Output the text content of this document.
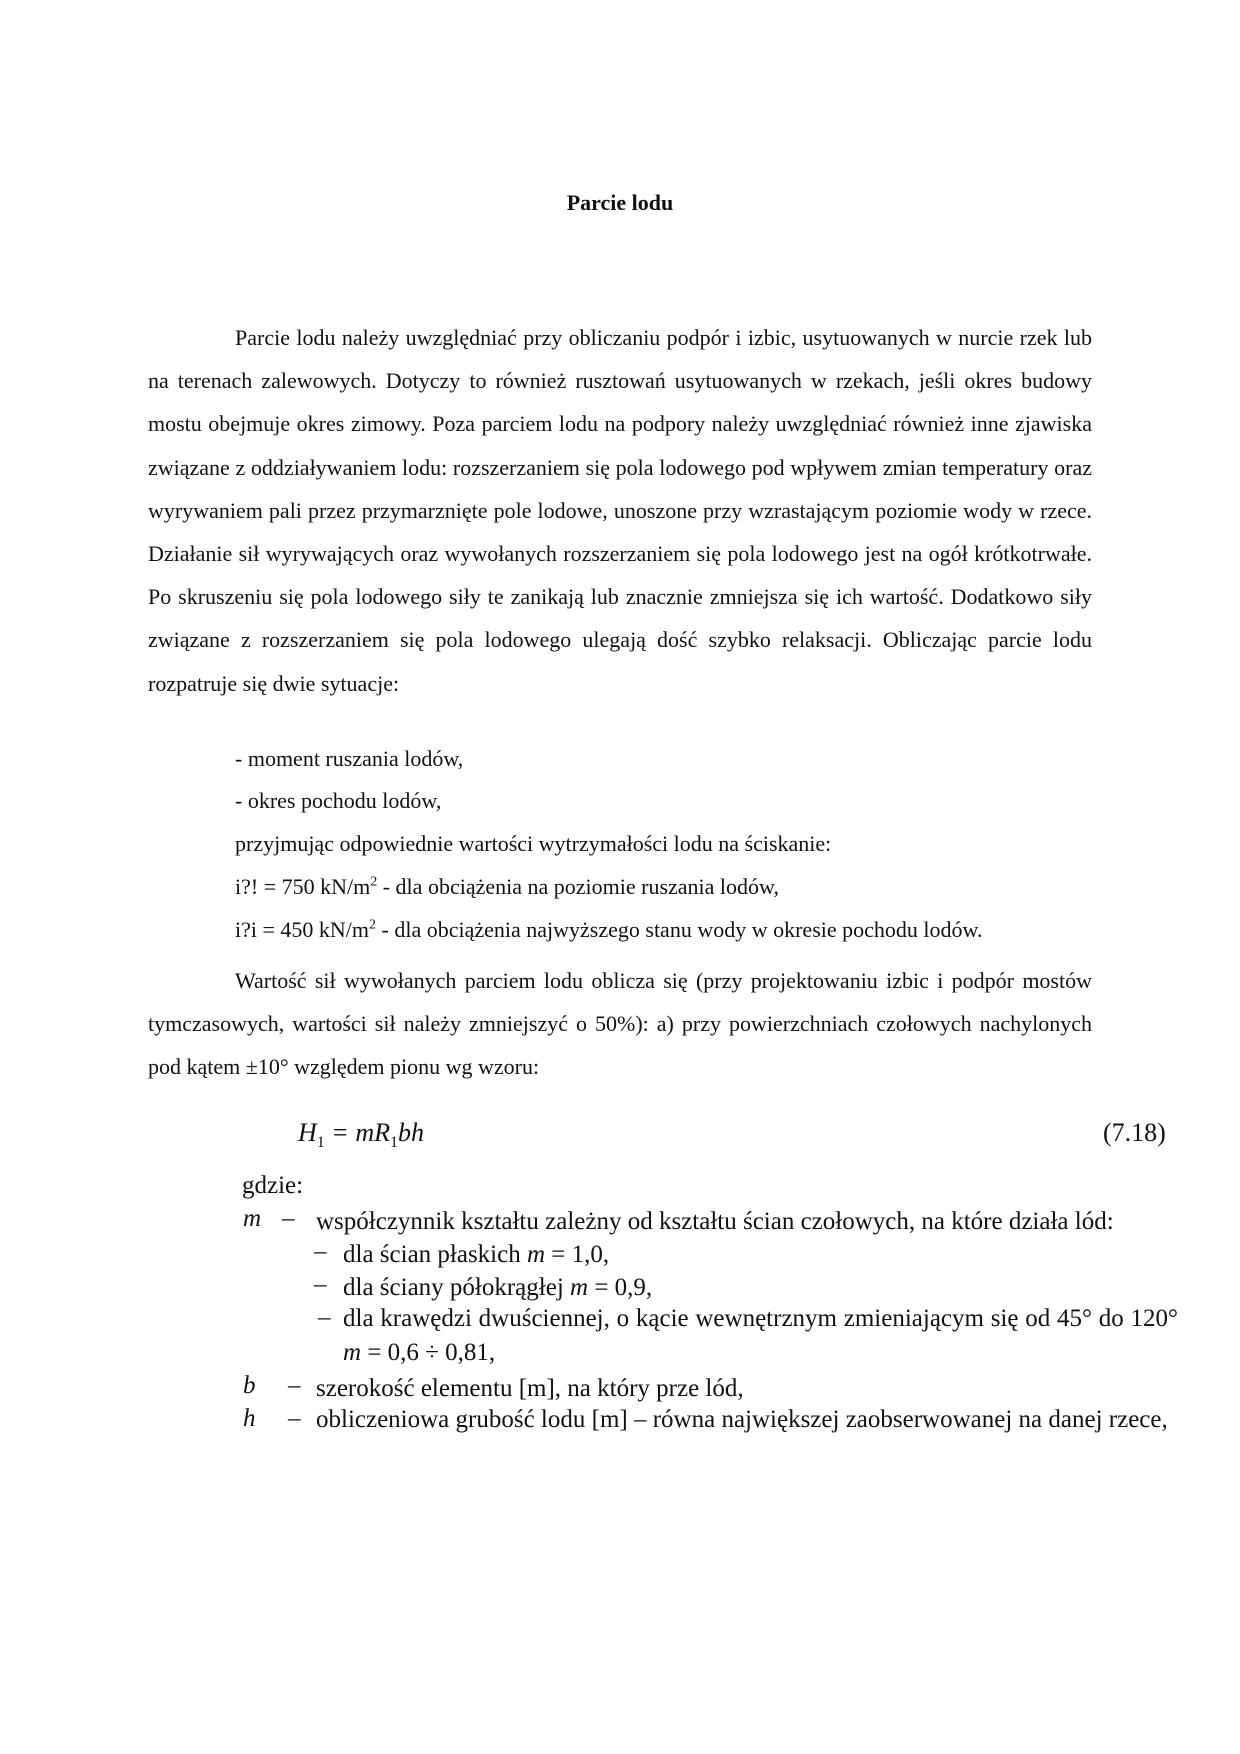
Parcie lodu

Parcie lodu należy uwzględniać przy obliczaniu podpór i izbic, usytuowanych w nurcie rzek lub na terenach zalewowych. Dotyczy to również rusztowań usytuowanych w rzekach, jeśli okres budowy mostu obejmuje okres zimowy. Poza parciem lodu na podpory należy uwzględniać również inne zjawiska związane z oddziaływaniem lodu: rozszerzaniem się pola lodowego pod wpływem zmian temperatury oraz wyrywaniem pali przez przymarznięte pole lodowe, unoszone przy wzrastającym poziomie wody w rzece. Działanie sił wyrywających oraz wywołanych rozszerzaniem się pola lodowego jest na ogół krótkotrwałe. Po skruszeniu się pola lodowego siły te zanikają lub znacznie zmniejsza się ich wartość. Dodatkowo siły związane z rozszerzaniem się pola lodowego ulegają dość szybko relaksacji. Obliczając parcie lodu rozpatruje się dwie sytuacje:

- moment ruszania lodów,
- okres pochodu lodów,
przyjmując odpowiednie wartości wytrzymałości lodu na ściskanie:
i?! = 750 $kN/m^2$ - dla obciążenia na poziomie ruszania lodów,
i?i = 450 $kN/m^2$ - dla obciążenia najwyższego stanu wody w okresie pochodu lodów.

Wartość sił wywołanych parciem lodu oblicza się (przy projektowaniu izbic i podpór mostów tymczasowych, wartości sił należy zmniejszyć o 50%): a) przy powierzchniach czołowych nachylonych pod kątem ±10° względem pionu wg wzoru:

$H_1 = mR_1bh$	(7.18)
gdzie:
m – współczynnik kształtu zależny od kształtu ścian czołowych, na które działa lód:
– dla ścian płaskich m = 1,0,
– dla ściany półokrągłej m = 0,9,
– dla krawędzi dwuściennej, o kącie wewnętrznym zmieniającym się od 45° do 120° m = 0,6 ÷ 0,81,
b – szerokość elementu [m], na który prze lód,
h – obliczeniowa grubość lodu [m] – równa największej zaobserwowanej na danej rzece,
